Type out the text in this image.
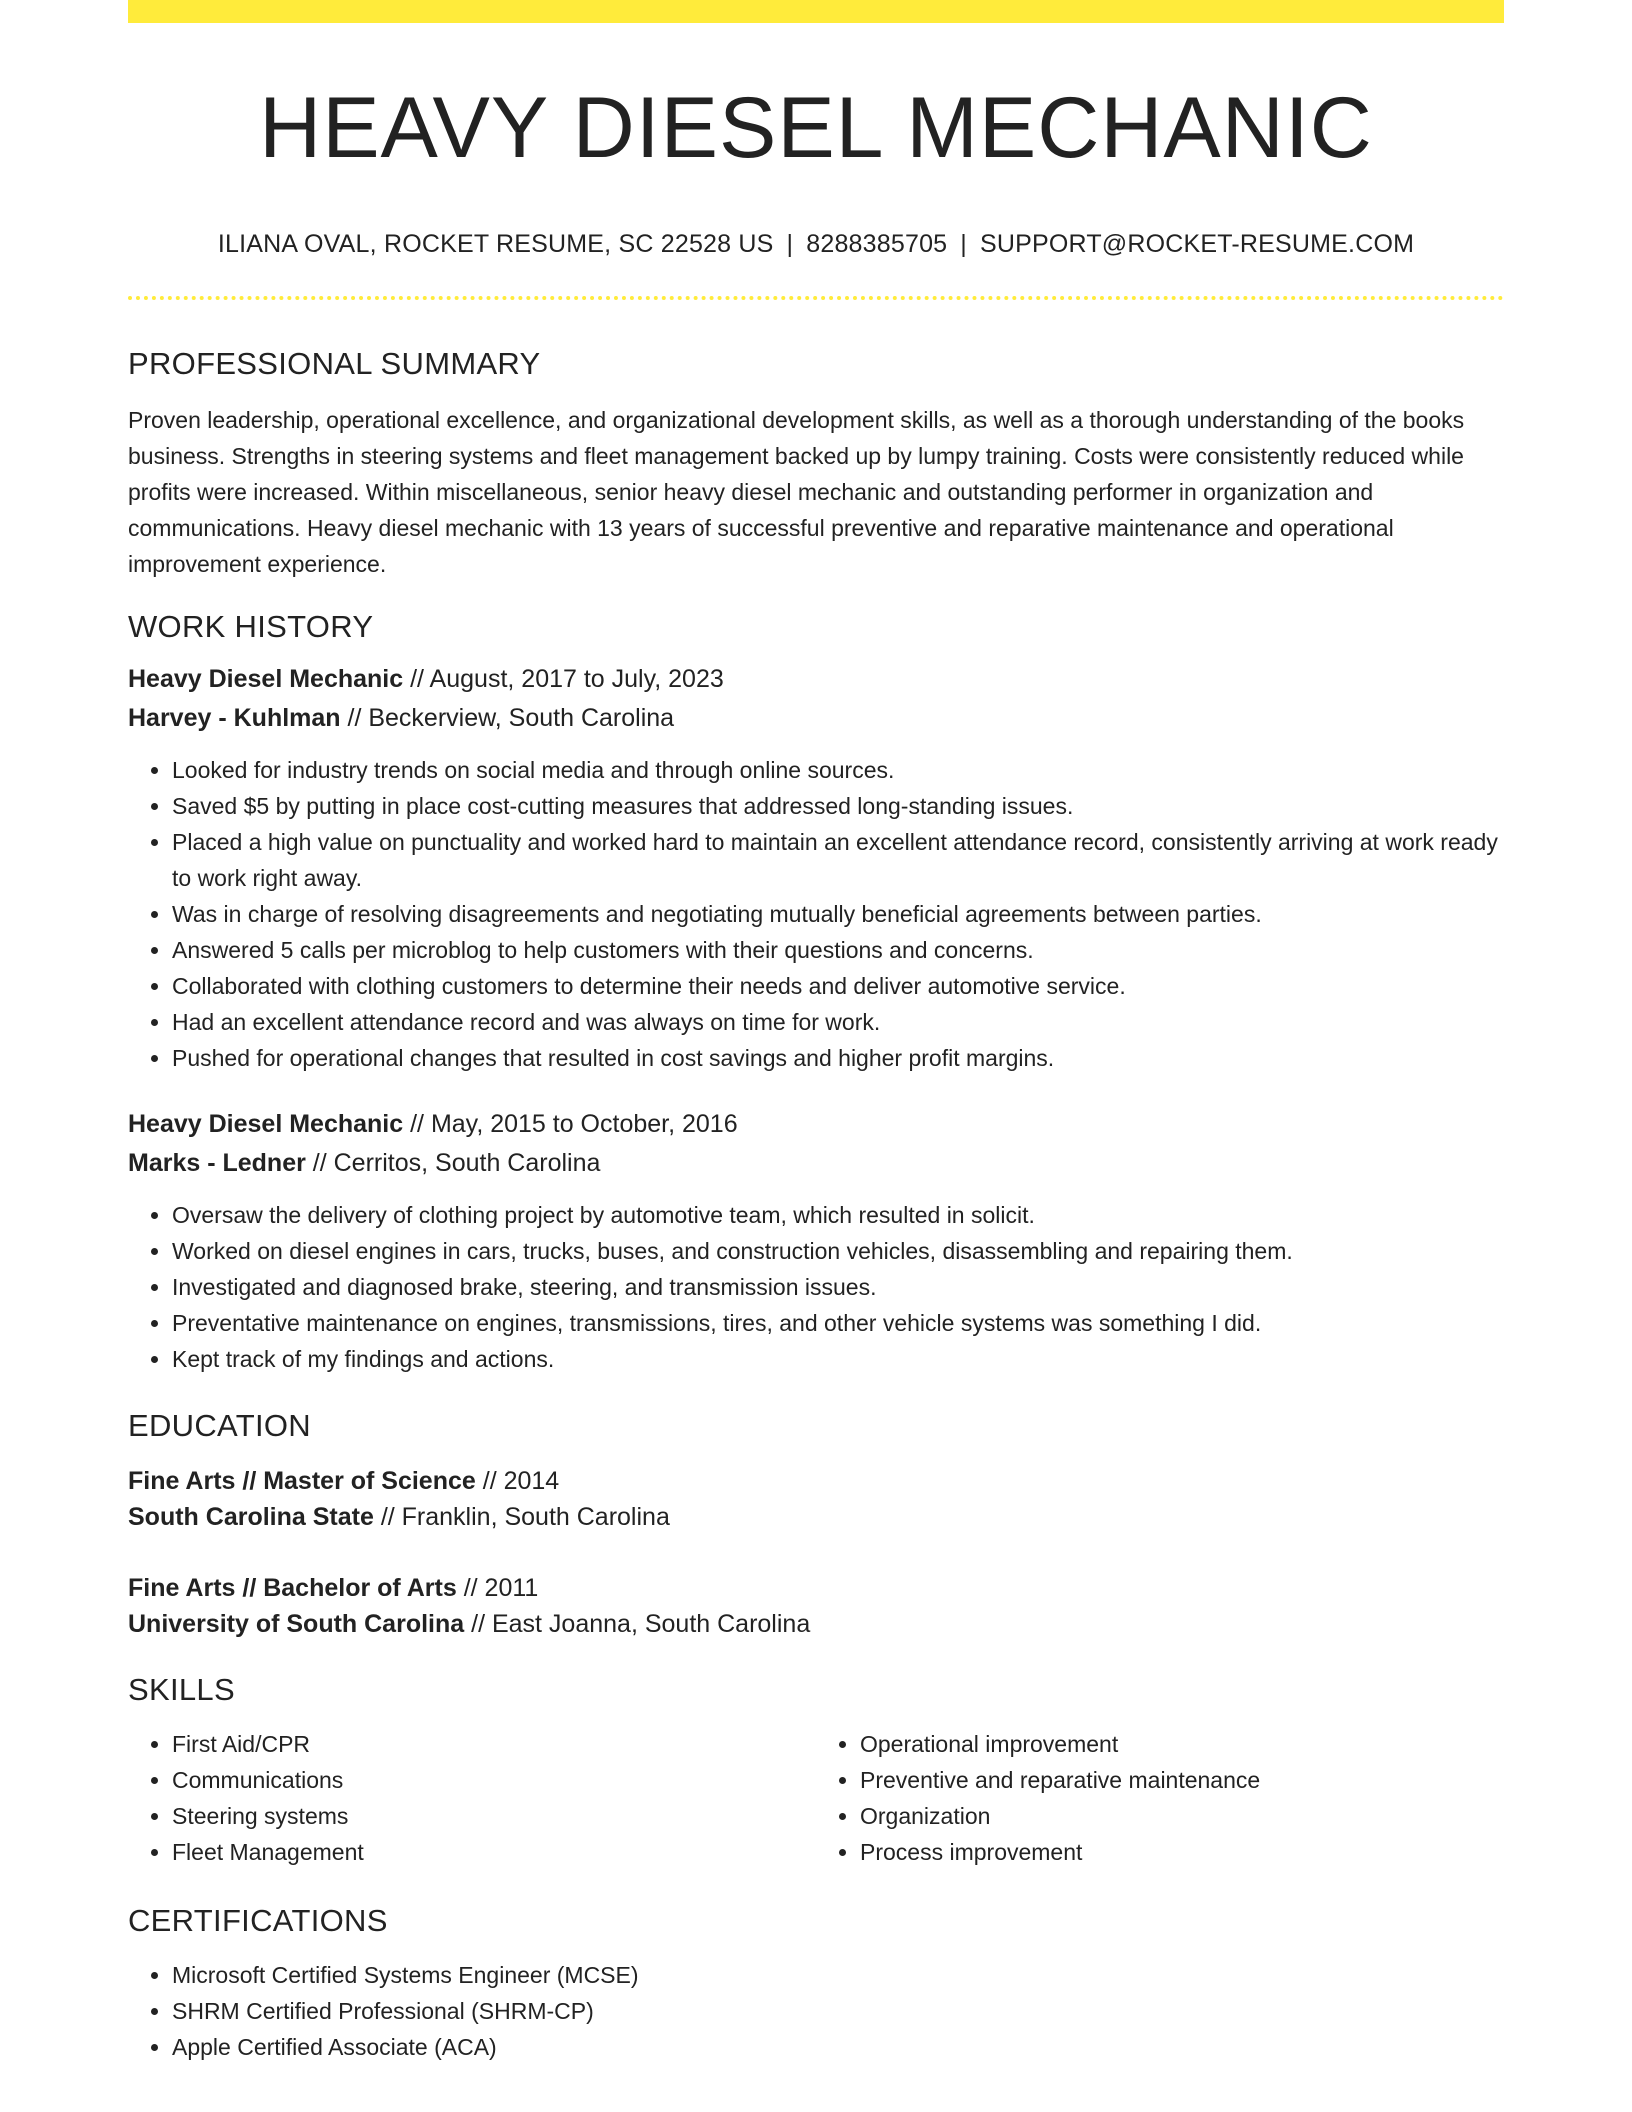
HEAVY DIESEL MECHANIC
ILIANA OVAL, ROCKET RESUME, SC 22528 US | 8288385705 | SUPPORT@ROCKET-RESUME.COM
PROFESSIONAL SUMMARY

Proven leadership, operational excellence, and organizational development skills, as well as a thorough understanding of the books business. Strengths in steering systems and fleet management backed up by lumpy training. Costs were consistently reduced while profits were increased. Within miscellaneous, senior heavy diesel mechanic and outstanding performer in organization and communications. Heavy diesel mechanic with 13 years of successful preventive and reparative maintenance and operational improvement experience.

WORK HISTORY

Heavy Diesel Mechanic // August, 2017 to July, 2023

Harvey - Kuhlman // Beckerview, South Carolina

• Looked for industry trends on social media and through online sources.
• Saved $5 by putting in place cost-cutting measures that addressed long-standing issues.
• Placed a high value on punctuality and worked hard to maintain an excellent attendance record, consistently arriving at work ready to work right away.
• Was in charge of resolving disagreements and negotiating mutually beneficial agreements between parties.
• Answered 5 calls per microblog to help customers with their questions and concerns.
• Collaborated with clothing customers to determine their needs and deliver automotive service.
• Had an excellent attendance record and was always on time for work.
• Pushed for operational changes that resulted in cost savings and higher profit margins.

Heavy Diesel Mechanic // May, 2015 to October, 2016

Marks - Ledner // Cerritos, South Carolina

• Oversaw the delivery of clothing project by automotive team, which resulted in solicit.
• Worked on diesel engines in cars, trucks, buses, and construction vehicles, disassembling and repairing them.
• Investigated and diagnosed brake, steering, and transmission issues.
• Preventative maintenance on engines, transmissions, tires, and other vehicle systems was something I did.
• Kept track of my findings and actions.
EDUCATION

Fine Arts // Master of Science // 2014

South Carolina State // Franklin, South Carolina

Fine Arts // Bachelor of Arts // 2011

University of South Carolina // East Joanna, South Carolina

SKILLS
• First Aid/CPR
• Communications
• Steering systems
• Fleet Management
• Operational improvement
• Preventive and reparative maintenance
• Organization
• Process improvement
CERTIFICATIONS
• Microsoft Certified Systems Engineer (MCSE)
• SHRM Certified Professional (SHRM-CP)
• Apple Certified Associate (ACA)
